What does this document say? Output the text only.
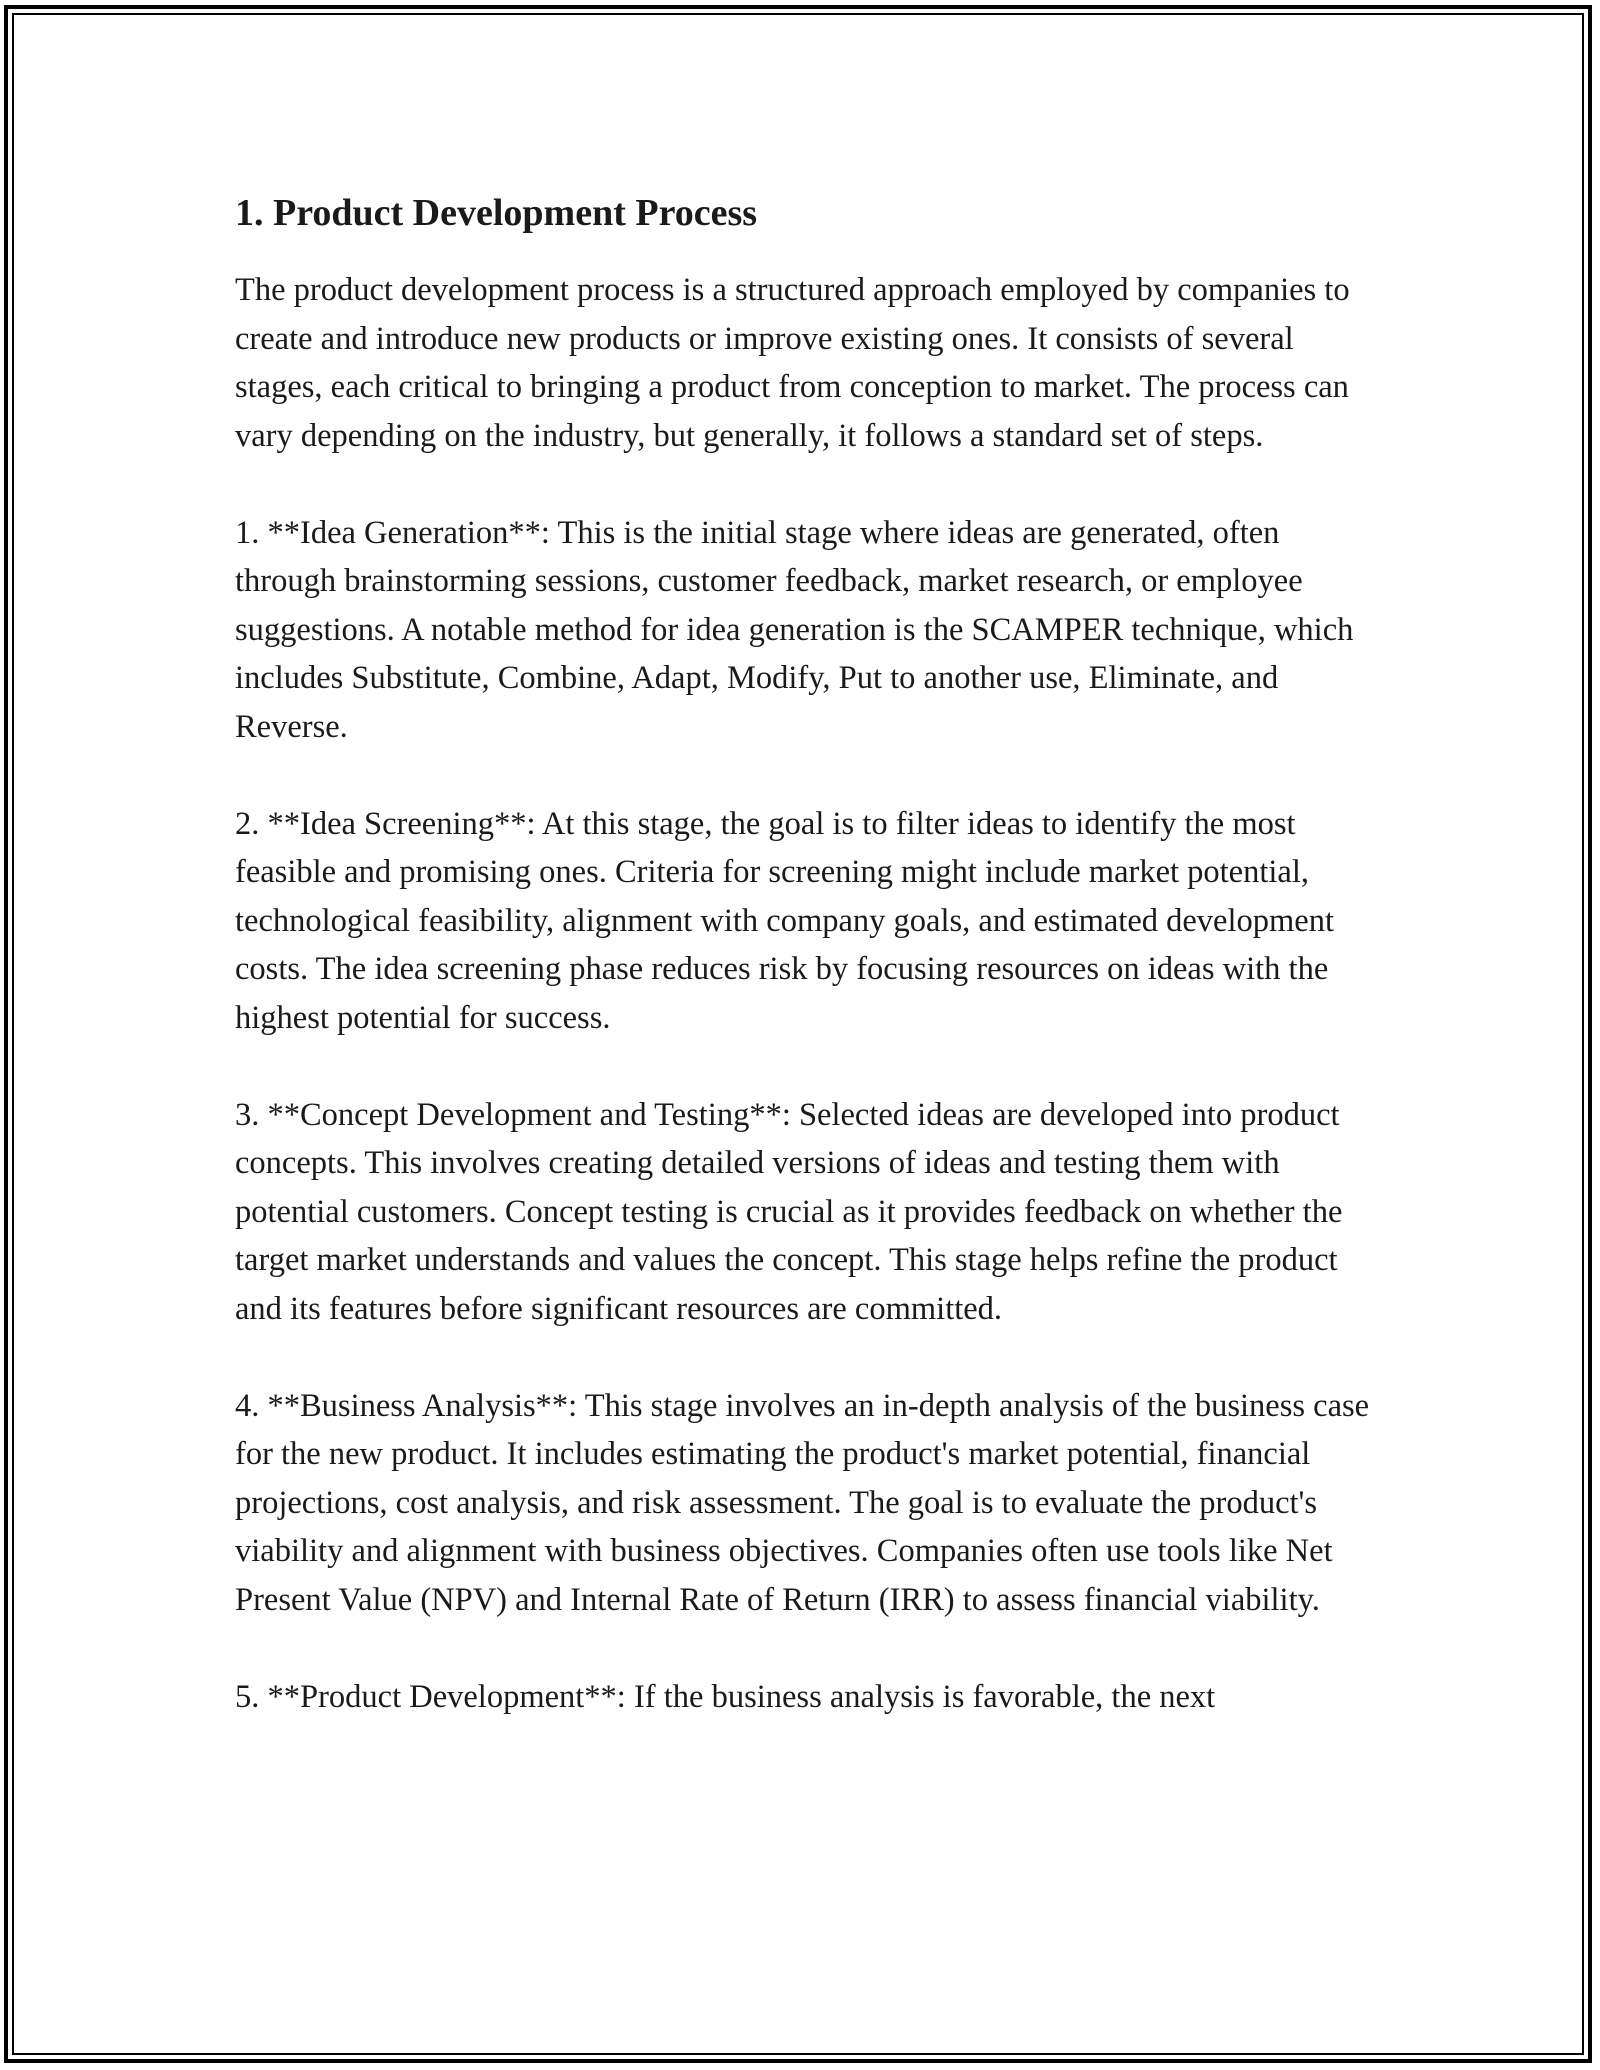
1. Product Development Process

The product development process is a structured approach employed by companies to create and introduce new products or improve existing ones. It consists of several stages, each critical to bringing a product from conception to market. The process can vary depending on the industry, but generally, it follows a standard set of steps.

1. **Idea Generation**: This is the initial stage where ideas are generated, often through brainstorming sessions, customer feedback, market research, or employee suggestions. A notable method for idea generation is the SCAMPER technique, which includes Substitute, Combine, Adapt, Modify, Put to another use, Eliminate, and Reverse.

2. **Idea Screening**: At this stage, the goal is to filter ideas to identify the most feasible and promising ones. Criteria for screening might include market potential, technological feasibility, alignment with company goals, and estimated development costs. The idea screening phase reduces risk by focusing resources on ideas with the highest potential for success.

3. **Concept Development and Testing**: Selected ideas are developed into product concepts. This involves creating detailed versions of ideas and testing them with potential customers. Concept testing is crucial as it provides feedback on whether the target market understands and values the concept. This stage helps refine the product and its features before significant resources are committed.

4. **Business Analysis**: This stage involves an in-depth analysis of the business case for the new product. It includes estimating the product's market potential, financial projections, cost analysis, and risk assessment. The goal is to evaluate the product's viability and alignment with business objectives. Companies often use tools like Net Present Value (NPV) and Internal Rate of Return (IRR) to assess financial viability.

5. **Product Development**: If the business analysis is favorable, the next
